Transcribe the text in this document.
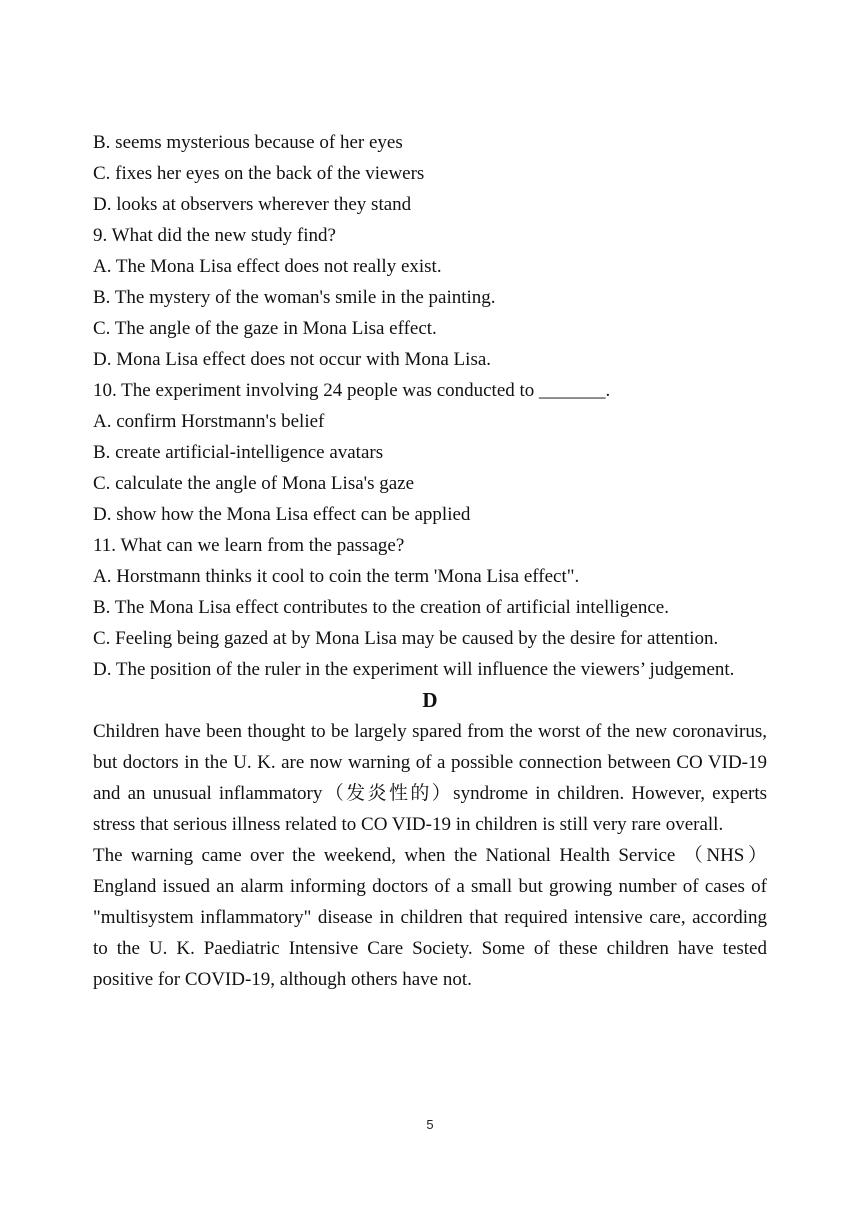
B. seems mysterious because of her eyes

C. fixes her eyes on the back of the viewers

D. looks at observers wherever they stand

9. What did the new study find?

A. The Mona Lisa effect does not really exist.

B. The mystery of the woman's smile in the painting.

C. The angle of the gaze in Mona Lisa effect.

D. Mona Lisa effect does not occur with Mona Lisa.

10. The experiment involving 24 people was conducted to _______.

A. confirm Horstmann's belief

B. create artificial-intelligence avatars

C. calculate the angle of Mona Lisa's gaze

D. show how the Mona Lisa effect can be applied

11. What can we learn from the passage?

A. Horstmann thinks it cool to coin the term 'Mona Lisa effect".

B. The Mona Lisa effect contributes to the creation of artificial intelligence.

C. Feeling being gazed at by Mona Lisa may be caused by the desire for attention.

D. The position of the ruler in the experiment will influence the viewers’ judgement.

D

Children have been thought to be largely spared from the worst of the new coronavirus, but doctors in the U. K. are now warning of a possible connection between CO VID-19 and an unusual inflammatory（发炎性的）syndrome in children. However, experts stress that serious illness related to CO VID-19 in children is still very rare overall.

The warning came over the weekend, when the National Health Service （NHS） England issued an alarm informing doctors of a small but growing number of cases of "multisystem inflammatory" disease in children that required intensive care, according to the U. K. Paediatric Intensive Care Society. Some of these children have tested positive for COVID-19, although others have not.

5
